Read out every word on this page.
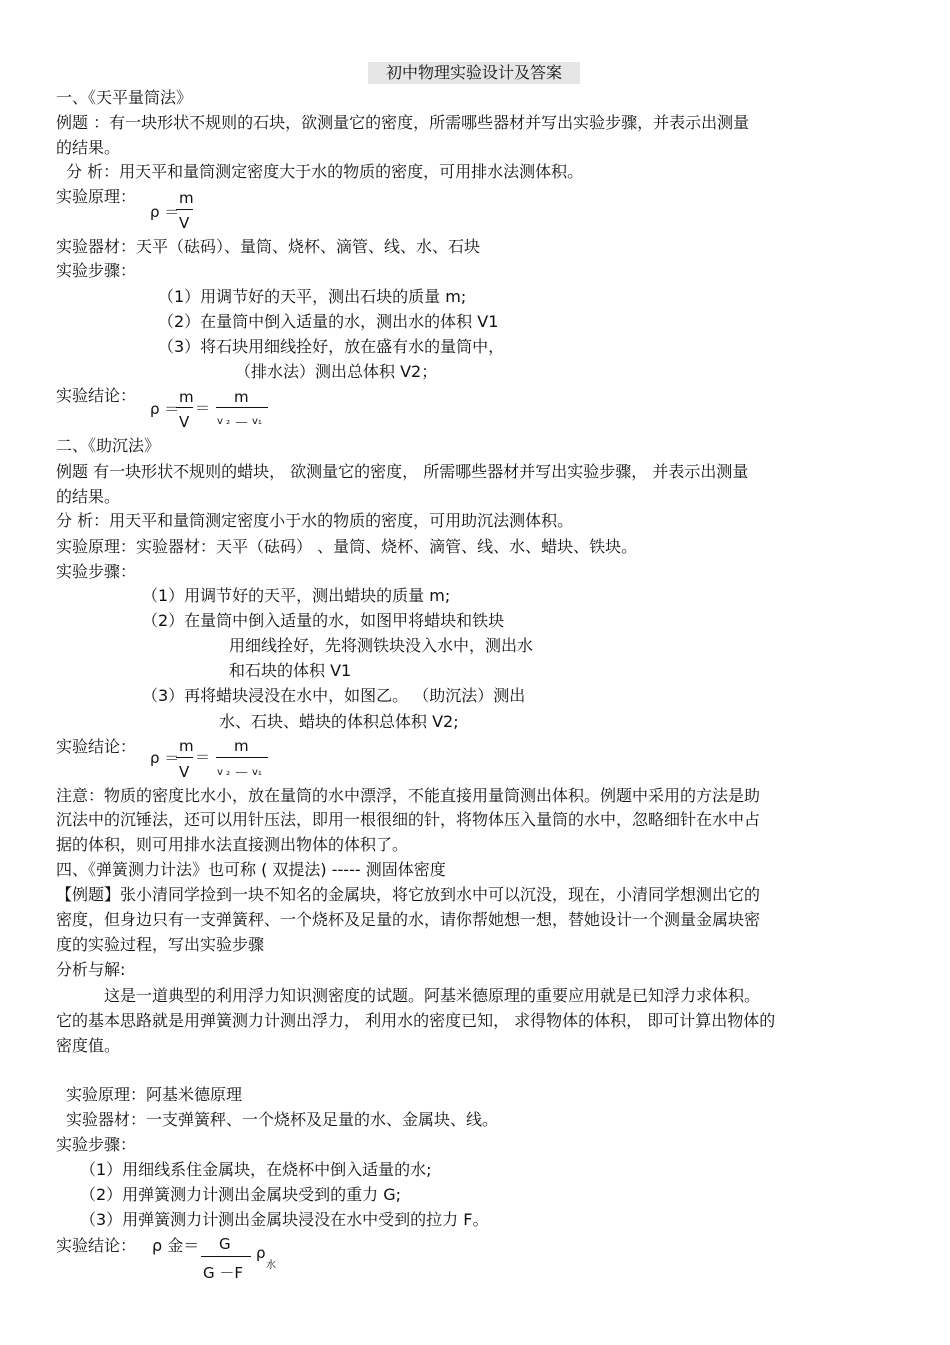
初中物理实验设计及答案
一、《天平量筒法》
例题 ：有一块形状不规则的石块，欲测量它的密度，所需哪些器材并写出实验步骤，并表示出测量
的结果。
分 析：用天平和量筒测定密度大于水的物质的密度，可用排水法测体积。
实验原理：
ρ ＝
m
V
实验器材：天平（砝码）、量筒、烧杯、滴管、线、水、石块
实验步骤：
（1）用调节好的天平，测出石块的质量 m;
（2）在量筒中倒入适量的水，测出水的体积 V1
（3）将石块用细线拴好，放在盛有水的量筒中，
（排水法）测出总体积 V2；
实验结论：
ρ ＝
m
V
＝
m
v ₂ － v₁
二、《助沉法》
例题 有一块形状不规则的蜡块， 欲测量它的密度， 所需哪些器材并写出实验步骤， 并表示出测量
的结果。
分 析：用天平和量筒测定密度小于水的物质的密度，可用助沉法测体积。
实验原理：实验器材：天平（砝码） 、量筒、烧杯、滴管、线、水、蜡块、铁块。
实验步骤：
（1）用调节好的天平，测出蜡块的质量 m;
（2）在量筒中倒入适量的水，如图甲将蜡块和铁块
用细线拴好，先将测铁块没入水中，测出水
和石块的体积 V1
（3）再将蜡块浸没在水中，如图乙。 （助沉法）测出
水、石块、蜡块的体积总体积 V2;
实验结论：
ρ ＝
m
V
＝
m
v ₂ － v₁
注意：物质的密度比水小，放在量筒的水中漂浮，不能直接用量筒测出体积。例题中采用的方法是助
沉法中的沉锤法，还可以用针压法，即用一根很细的针，将物体压入量筒的水中，忽略细针在水中占
据的体积，则可用排水法直接测出物体的体积了。
四、《弹簧测力计法》也可称 ( 双提法) ----- 测固体密度
【例题】张小清同学捡到一块不知名的金属块，将它放到水中可以沉没，现在，小清同学想测出它的
密度，但身边只有一支弹簧秤、一个烧杯及足量的水，请你帮她想一想，替她设计一个测量金属块密
度的实验过程，写出实验步骤
分析与解:
这是一道典型的利用浮力知识测密度的试题。阿基米德原理的重要应用就是已知浮力求体积。
它的基本思路就是用弹簧测力计测出浮力， 利用水的密度已知， 求得物体的体积， 即可计算出物体的
密度值。
实验原理：阿基米德原理
实验器材：一支弹簧秤、一个烧杯及足量的水、金属块、线。
实验步骤：
（1）用细线系住金属块，在烧杯中倒入适量的水;
（2）用弹簧测力计测出金属块受到的重力 G;
（3）用弹簧测力计测出金属块浸没在水中受到的拉力 F。
实验结论： ρ 金＝ G
G －F
ρ
水
